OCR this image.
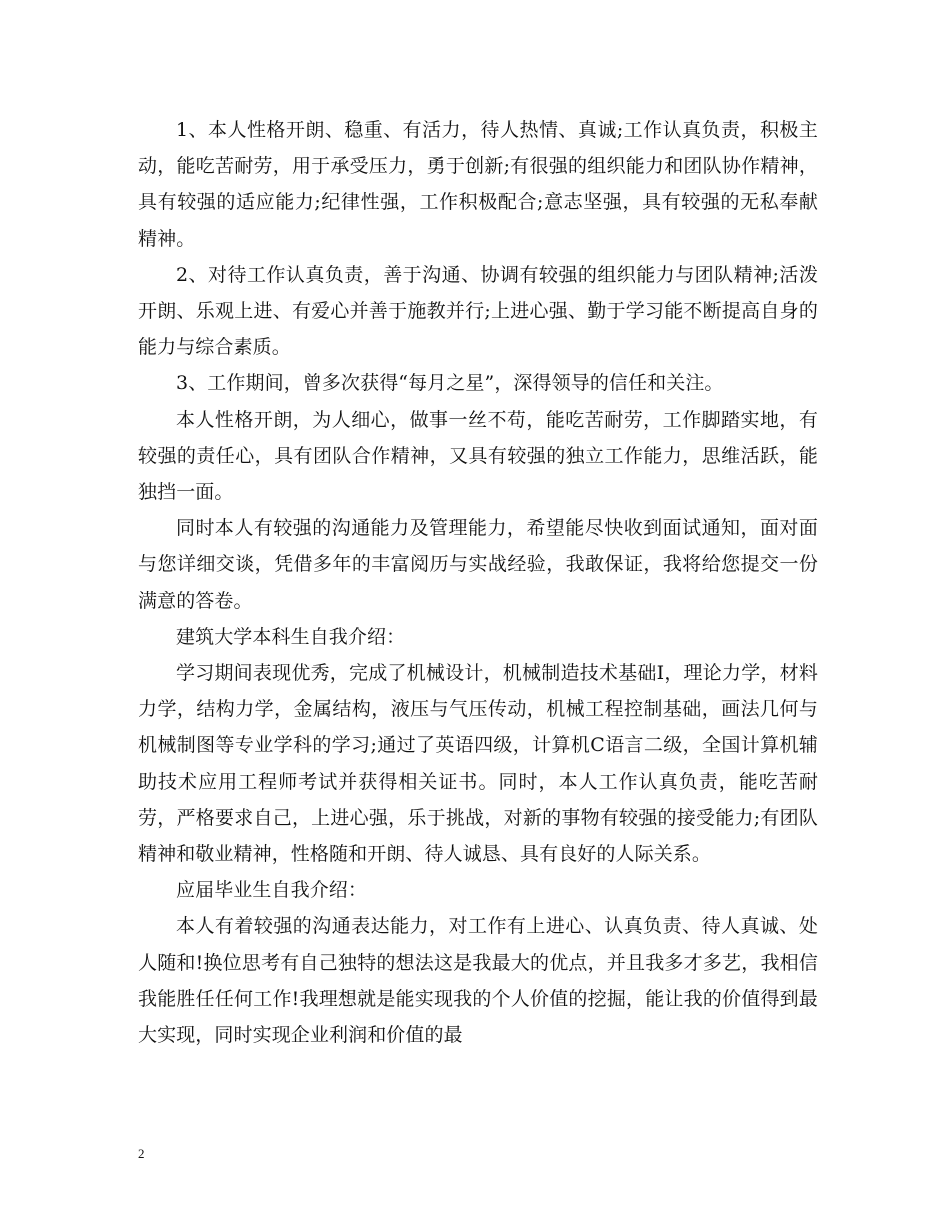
1、本人性格开朗、稳重、有活力，待人热情、真诚;工作认真负责，积极主动，能吃苦耐劳，用于承受压力，勇于创新;有很强的组织能力和团队协作精神，具有较强的适应能力;纪律性强，工作积极配合;意志坚强，具有较强的无私奉献精神。

2、对待工作认真负责，善于沟通、协调有较强的组织能力与团队精神;活泼开朗、乐观上进、有爱心并善于施教并行;上进心强、勤于学习能不断提高自身的能力与综合素质。

3、工作期间，曾多次获得“每月之星”，深得领导的信任和关注。

本人性格开朗，为人细心，做事一丝不苟，能吃苦耐劳，工作脚踏实地，有较强的责任心，具有团队合作精神，又具有较强的独立工作能力，思维活跃，能独挡一面。

同时本人有较强的沟通能力及管理能力，希望能尽快收到面试通知，面对面与您详细交谈，凭借多年的丰富阅历与实战经验，我敢保证，我将给您提交一份满意的答卷。

建筑大学本科生自我介绍：

学习期间表现优秀，完成了机械设计，机械制造技术基础Ⅰ，理论力学，材料力学，结构力学，金属结构，液压与气压传动，机械工程控制基础，画法几何与机械制图等专业学科的学习;通过了英语四级，计算机C语言二级，全国计算机辅助技术应用工程师考试并获得相关证书。同时，本人工作认真负责，能吃苦耐劳，严格要求自己，上进心强，乐于挑战，对新的事物有较强的接受能力;有团队精神和敬业精神，性格随和开朗、待人诚恳、具有良好的人际关系。

应届毕业生自我介绍：

本人有着较强的沟通表达能力，对工作有上进心、认真负责、待人真诚、处人随和!换位思考有自己独特的想法这是我最大的优点，并且我多才多艺，我相信我能胜任任何工作!我理想就是能实现我的个人价值的挖掘，能让我的价值得到最大实现，同时实现企业利润和价值的最

2
